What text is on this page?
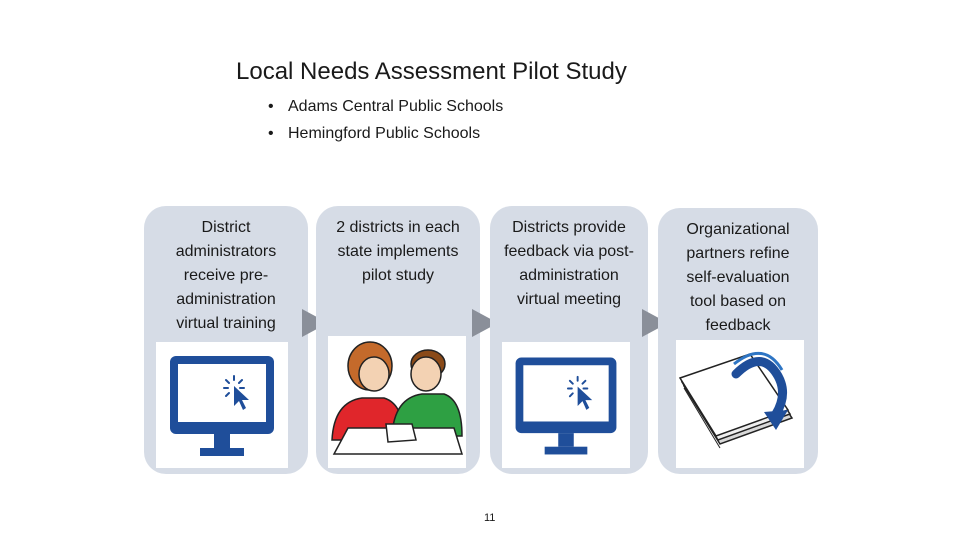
Local Needs Assessment Pilot Study
• Adams Central Public Schools
• Hemingford Public Schools
District administrators receive pre-administration virtual training
2 districts in each state implements pilot study
Districts provide feedback via post-administration virtual meeting
Organizational partners refine self-evaluation tool based on feedback
11
